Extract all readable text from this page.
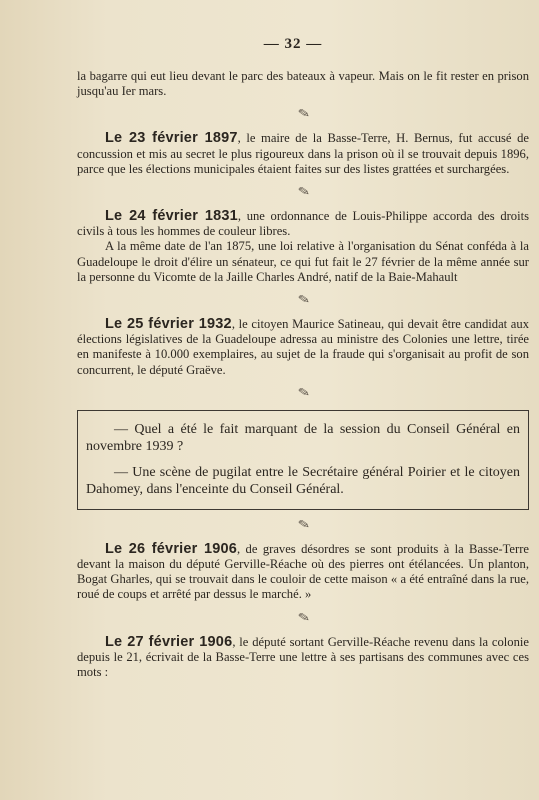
— 32 —

la bagarre qui eut lieu devant le parc des bateaux à vapeur. Mais on le fit rester en prison jusqu'au Ier mars.

✎

Le 23 février 1897, le maire de la Basse-Terre, H. Bernus, fut accusé de concussion et mis au secret le plus rigoureux dans la prison où il se trouvait depuis 1896, parce que les élections municipales étaient faites sur des listes grattées et surchargées.

✎

Le 24 février 1831, une ordonnance de Louis-Philippe accorda des droits civils à tous les hommes de couleur libres.

A la même date de l'an 1875, une loi relative à l'organisation du Sénat conféda à la Guadeloupe le droit d'élire un sénateur, ce qui fut fait le 27 février de la même année sur la personne du Vicomte de la Jaille Charles André, natif de la Baie-Mahault

✎

Le 25 février 1932, le citoyen Maurice Satineau, qui devait être candidat aux élections législatives de la Guadeloupe adressa au ministre des Colonies une lettre, tirée en manifeste à 10.000 exemplaires, au sujet de la fraude qui s'organisait au profit de son concurrent, le député Graëve.

✎

— Quel a été le fait marquant de la session du Conseil Général en novembre 1939 ?

— Une scène de pugilat entre le Secrétaire général Poirier et le citoyen Dahomey, dans l'enceinte du Conseil Général.

✎

Le 26 février 1906, de graves désordres se sont produits à la Basse-Terre devant la maison du député Gerville-Réache où des pierres ont étélancées. Un planton, Bogat Gharles, qui se trouvait dans le couloir de cette maison « a été entraîné dans la rue, roué de coups et arrêté par dessus le marché. »

✎

Le 27 février 1906, le député sortant Gerville-Réache revenu dans la colonie depuis le 21, écrivait de la Basse-Terre une lettre à ses partisans des communes avec ces mots :
